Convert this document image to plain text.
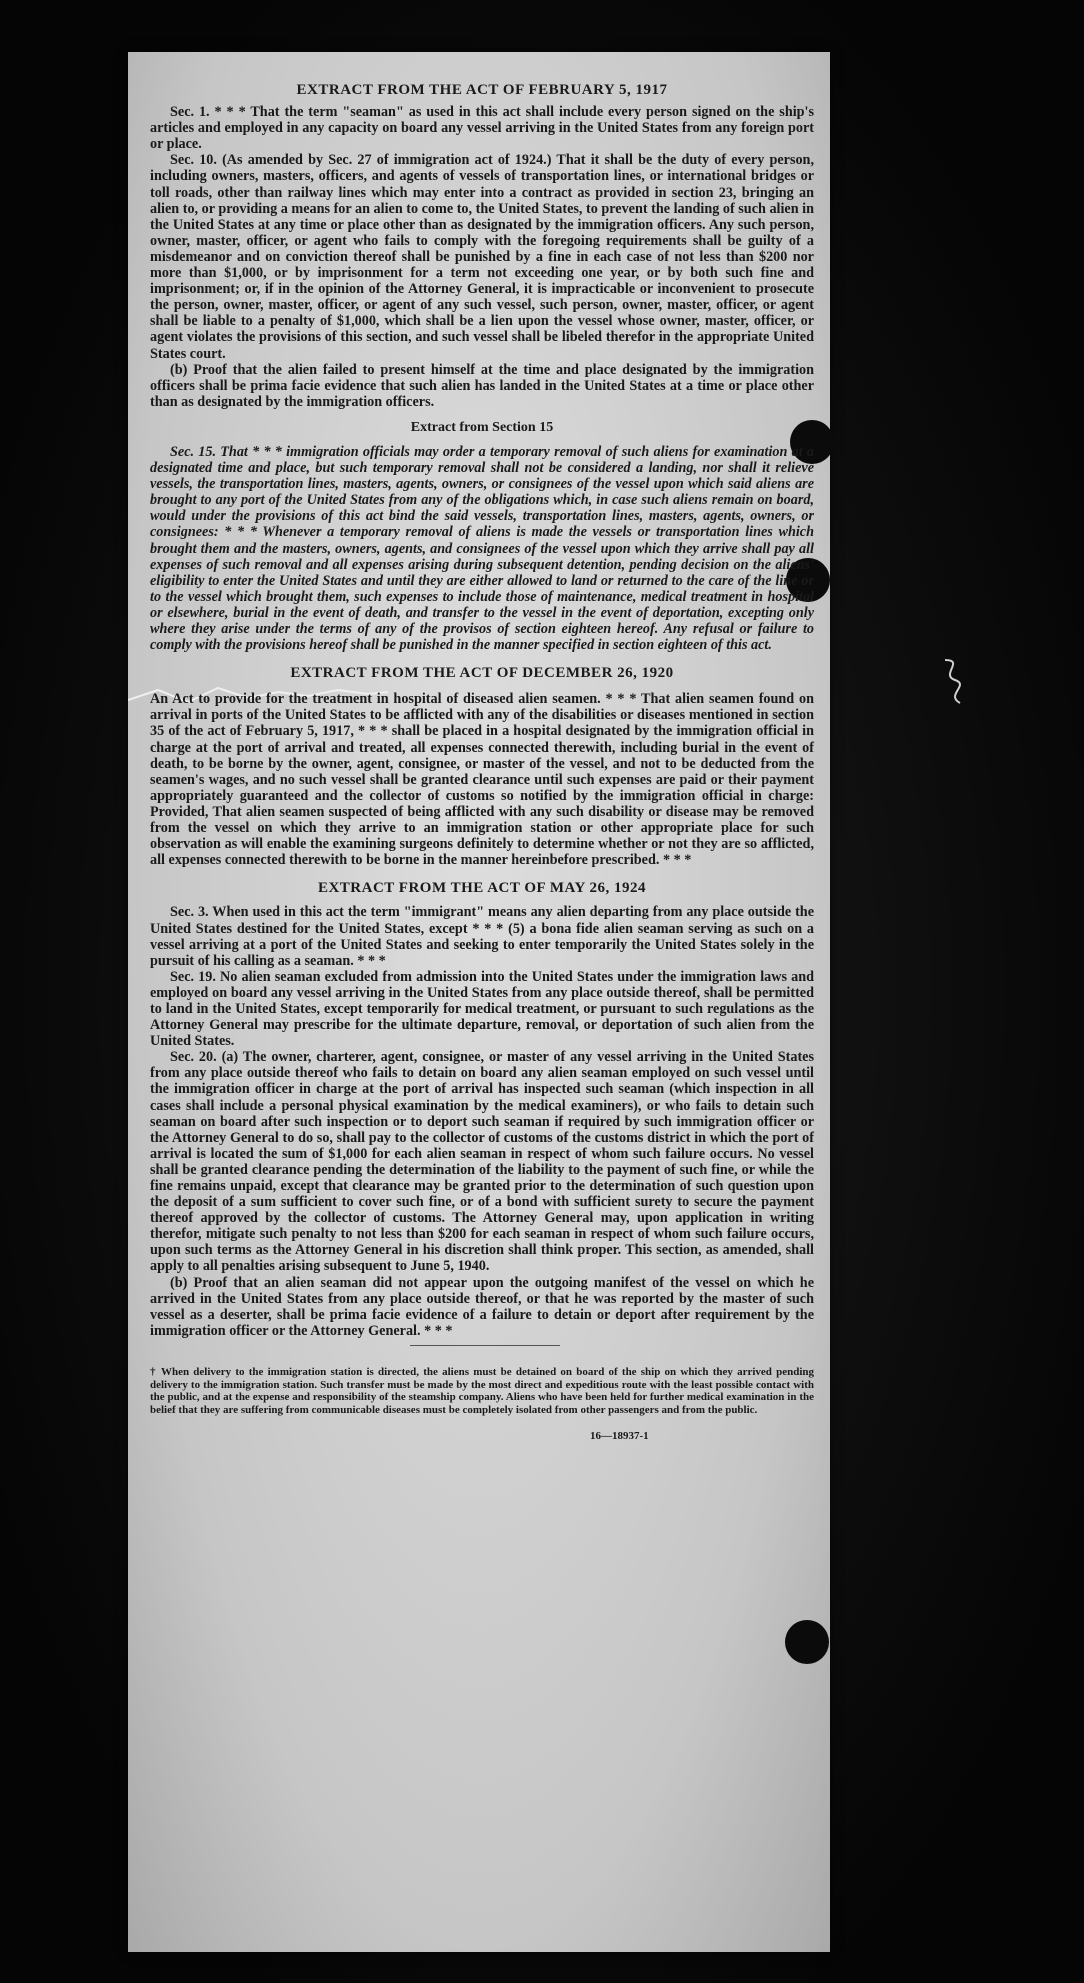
EXTRACT FROM THE ACT OF FEBRUARY 5, 1917

Sec. 1. * * * That the term "seaman" as used in this act shall include every person signed on the ship's articles and employed in any capacity on board any vessel arriving in the United States from any foreign port or place.

Sec. 10. (As amended by Sec. 27 of immigration act of 1924.) That it shall be the duty of every person, including owners, masters, officers, and agents of vessels of transportation lines, or international bridges or toll roads, other than railway lines which may enter into a contract as provided in section 23, bringing an alien to, or providing a means for an alien to come to, the United States, to prevent the landing of such alien in the United States at any time or place other than as designated by the immigration officers. Any such person, owner, master, officer, or agent who fails to comply with the foregoing requirements shall be guilty of a misdemeanor and on conviction thereof shall be punished by a fine in each case of not less than $200 nor more than $1,000, or by imprisonment for a term not exceeding one year, or by both such fine and imprisonment; or, if in the opinion of the Attorney General, it is impracticable or inconvenient to prosecute the person, owner, master, officer, or agent of any such vessel, such person, owner, master, officer, or agent shall be liable to a penalty of $1,000, which shall be a lien upon the vessel whose owner, master, officer, or agent violates the provisions of this section, and such vessel shall be libeled therefor in the appropriate United States court.

(b) Proof that the alien failed to present himself at the time and place designated by the immigration officers shall be prima facie evidence that such alien has landed in the United States at a time or place other than as designated by the immigration officers.

Extract from Section 15

Sec. 15. That * * * immigration officials may order a temporary removal of such aliens for examination at a designated time and place, but such temporary removal shall not be considered a landing, nor shall it relieve vessels, the transportation lines, masters, agents, owners, or consignees of the vessel upon which said aliens are brought to any port of the United States from any of the obligations which, in case such aliens remain on board, would under the provisions of this act bind the said vessels, transportation lines, masters, agents, owners, or consignees: * * * Whenever a temporary removal of aliens is made the vessels or transportation lines which brought them and the masters, owners, agents, and consignees of the vessel upon which they arrive shall pay all expenses of such removal and all expenses arising during subsequent detention, pending decision on the aliens' eligibility to enter the United States and until they are either allowed to land or returned to the care of the line or to the vessel which brought them, such expenses to include those of maintenance, medical treatment in hospital or elsewhere, burial in the event of death, and transfer to the vessel in the event of deportation, excepting only where they arise under the terms of any of the provisos of section eighteen hereof. Any refusal or failure to comply with the provisions hereof shall be punished in the manner specified in section eighteen of this act.

EXTRACT FROM THE ACT OF DECEMBER 26, 1920

An Act to provide for the treatment in hospital of diseased alien seamen. * * * That alien seamen found on arrival in ports of the United States to be afflicted with any of the disabilities or diseases mentioned in section 35 of the act of February 5, 1917, * * * shall be placed in a hospital designated by the immigration official in charge at the port of arrival and treated, all expenses connected therewith, including burial in the event of death, to be borne by the owner, agent, consignee, or master of the vessel, and not to be deducted from the seamen's wages, and no such vessel shall be granted clearance until such expenses are paid or their payment appropriately guaranteed and the collector of customs so notified by the immigration official in charge: Provided, That alien seamen suspected of being afflicted with any such disability or disease may be removed from the vessel on which they arrive to an immigration station or other appropriate place for such observation as will enable the examining surgeons definitely to determine whether or not they are so afflicted, all expenses connected therewith to be borne in the manner hereinbefore prescribed. * * *

EXTRACT FROM THE ACT OF MAY 26, 1924

Sec. 3. When used in this act the term "immigrant" means any alien departing from any place outside the United States destined for the United States, except * * * (5) a bona fide alien seaman serving as such on a vessel arriving at a port of the United States and seeking to enter temporarily the United States solely in the pursuit of his calling as a seaman. * * *

Sec. 19. No alien seaman excluded from admission into the United States under the immigration laws and employed on board any vessel arriving in the United States from any place outside thereof, shall be permitted to land in the United States, except temporarily for medical treatment, or pursuant to such regulations as the Attorney General may prescribe for the ultimate departure, removal, or deportation of such alien from the United States.

Sec. 20. (a) The owner, charterer, agent, consignee, or master of any vessel arriving in the United States from any place outside thereof who fails to detain on board any alien seaman employed on such vessel until the immigration officer in charge at the port of arrival has inspected such seaman (which inspection in all cases shall include a personal physical examination by the medical examiners), or who fails to detain such seaman on board after such inspection or to deport such seaman if required by such immigration officer or the Attorney General to do so, shall pay to the collector of customs of the customs district in which the port of arrival is located the sum of $1,000 for each alien seaman in respect of whom such failure occurs. No vessel shall be granted clearance pending the determination of the liability to the payment of such fine, or while the fine remains unpaid, except that clearance may be granted prior to the determination of such question upon the deposit of a sum sufficient to cover such fine, or of a bond with sufficient surety to secure the payment thereof approved by the collector of customs. The Attorney General may, upon application in writing therefor, mitigate such penalty to not less than $200 for each seaman in respect of whom such failure occurs, upon such terms as the Attorney General in his discretion shall think proper. This section, as amended, shall apply to all penalties arising subsequent to June 5, 1940.

(b) Proof that an alien seaman did not appear upon the outgoing manifest of the vessel on which he arrived in the United States from any place outside thereof, or that he was reported by the master of such vessel as a deserter, shall be prima facie evidence of a failure to detain or deport after requirement by the immigration officer or the Attorney General. * * *

† When delivery to the immigration station is directed, the aliens must be detained on board of the ship on which they arrived pending delivery to the immigration station. Such transfer must be made by the most direct and expeditious route with the least possible contact with the public, and at the expense and responsibility of the steamship company. Aliens who have been held for further medical examination in the belief that they are suffering from communicable diseases must be completely isolated from other passengers and from the public.
16—18937-1
